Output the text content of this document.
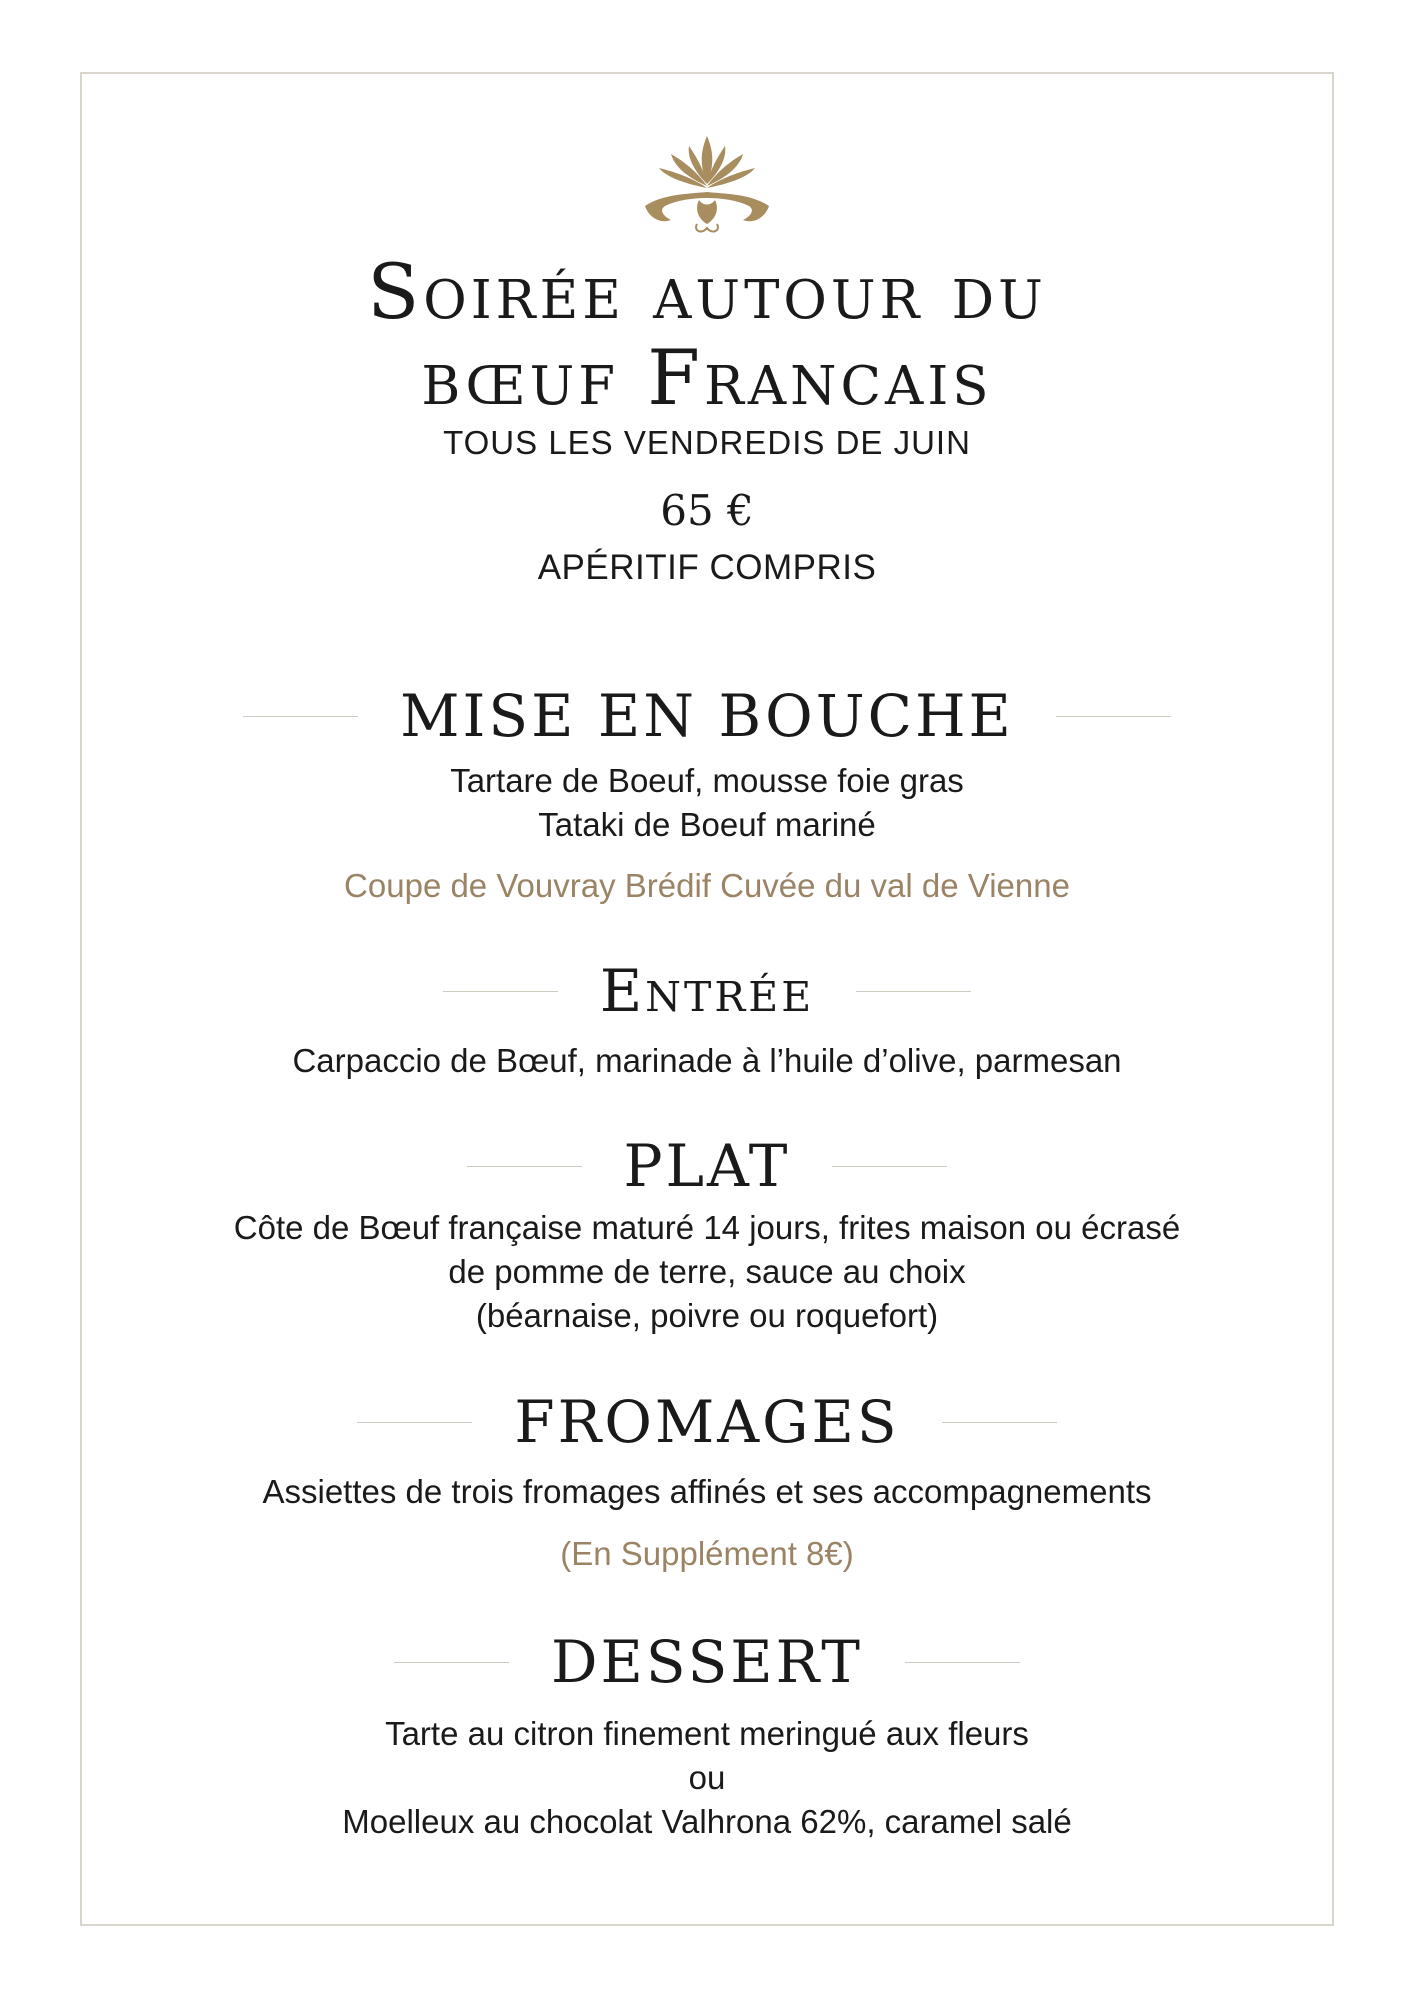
Soirée autour du
bœuf Francais
TOUS LES VENDREDIS DE JUIN
65 €
APÉRITIF COMPRIS
MISE EN BOUCHE
Tartare de Boeuf, mousse foie gras
Tataki de Boeuf mariné
Coupe de Vouvray Brédif Cuvée du val de Vienne
Entrée
Carpaccio de Bœuf, marinade à l’huile d’olive, parmesan
PLAT
Côte de Bœuf française maturé 14 jours, frites maison ou écrasé
de pomme de terre, sauce au choix
(béarnaise, poivre ou roquefort)
FROMAGES
Assiettes de trois fromages affinés et ses accompagnements
(En Supplément 8€)
DESSERT
Tarte au citron finement meringué aux fleurs
ou
Moelleux au chocolat Valhrona 62%, caramel salé
